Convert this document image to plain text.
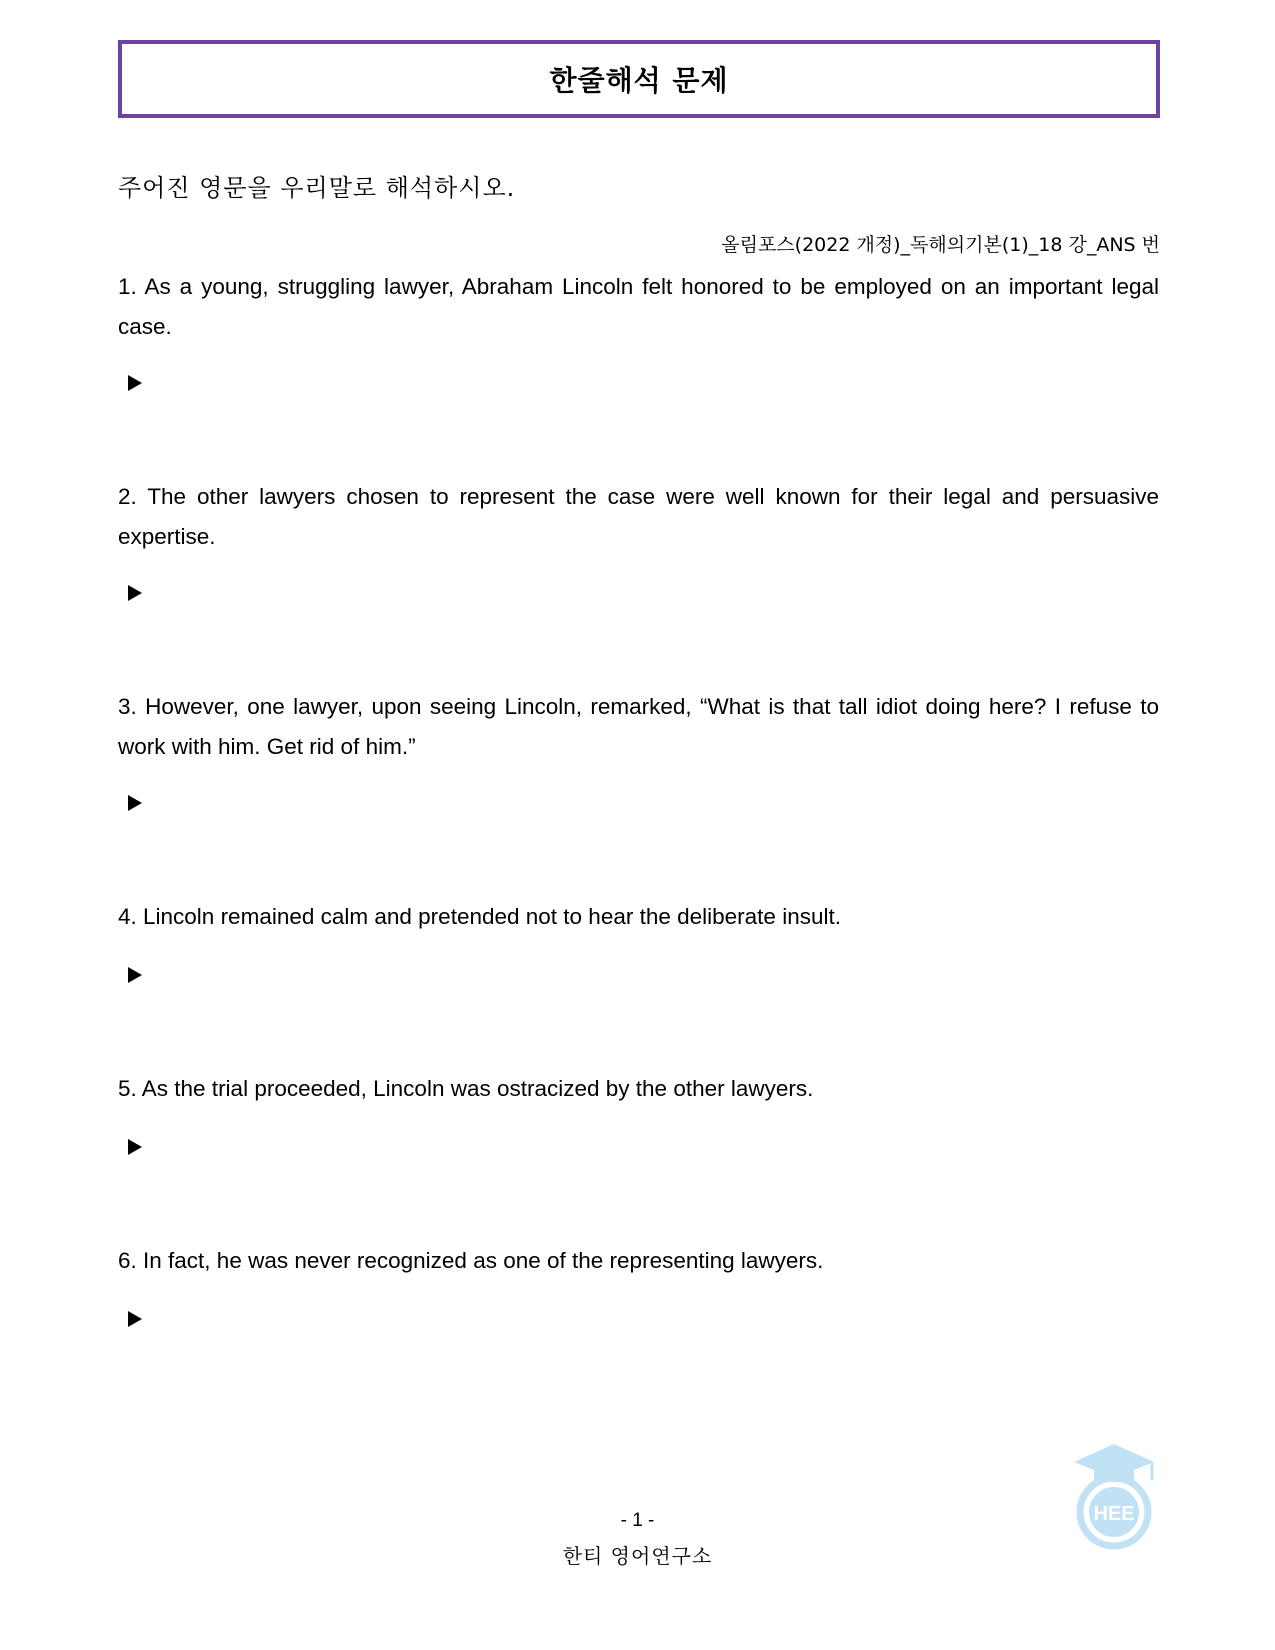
한줄해석 문제
주어진 영문을 우리말로 해석하시오.
올림포스(2022 개정)_독해의기본(1)_18 강_ANS 번

1. As a young, struggling lawyer, Abraham Lincoln felt honored to be employed on an important legal case.

2. The other lawyers chosen to represent the case were well known for their legal and persuasive expertise.

3. However, one lawyer, upon seeing Lincoln, remarked, “What is that tall idiot doing here? I refuse to work with him. Get rid of him.”

4. Lincoln remained calm and pretended not to hear the deliberate insult.

5. As the trial proceeded, Lincoln was ostracized by the other lawyers.

6. In fact, he was never recognized as one of the representing lawyers.

HEE
- 1 -
한티 영어연구소
